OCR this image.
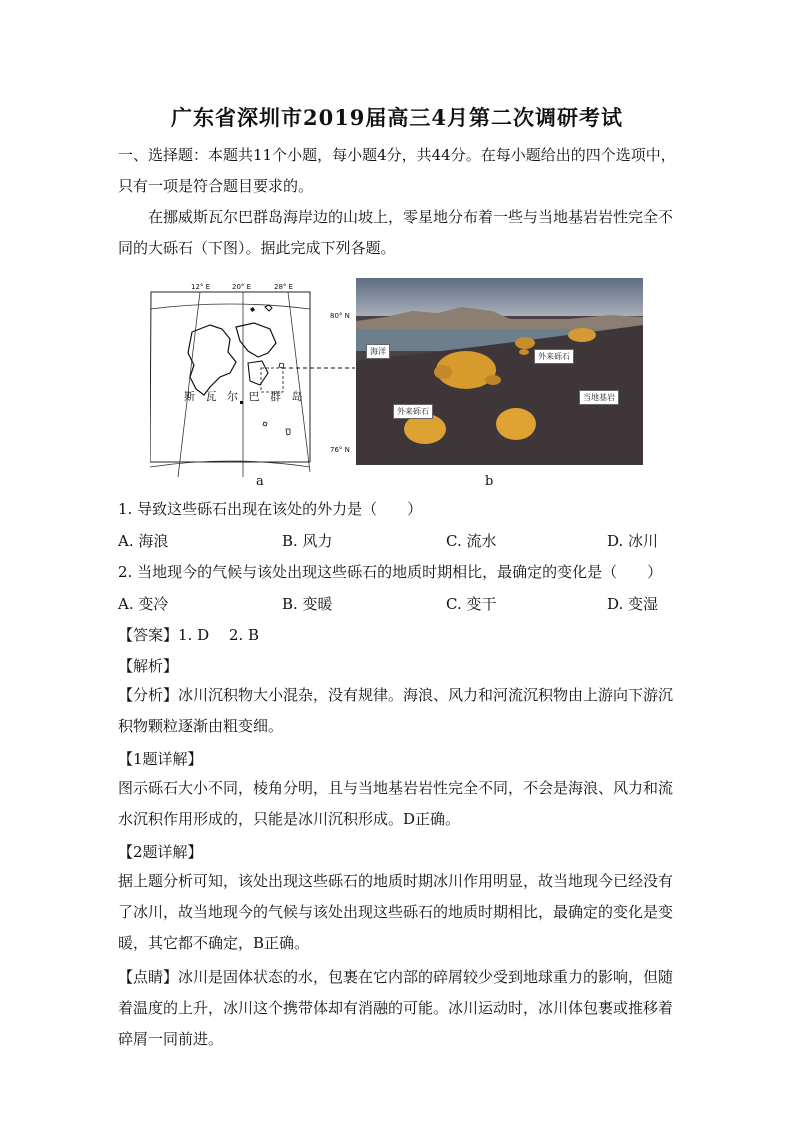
广东省深圳市2019届高三4月第二次调研考试
一、选择题：本题共11个小题，每小题4分，共44分。在每小题给出的四个选项中，只有一项是符合题目要求的。
在挪威斯瓦尔巴群岛海岸边的山坡上，零星地分布着一些与当地基岩岩性完全不同的大砾石（下图）。据此完成下列各题。
12° E	20° E	28° E
80° N
76° N
斯 瓦 尔 巴 群 岛
海洋
外来砾石
外来砾石
当地基岩
a	b
1. 导致这些砾石出现在该处的外力是（　　）
A. 海浪	B. 风力	C. 流水	D. 冰川
2. 当地现今的气候与该处出现这些砾石的地质时期相比，最确定的变化是（　　）
A. 变冷	B. 变暖	C. 变干	D. 变湿
【答案】1. D　 2. B
【解析】
【分析】冰川沉积物大小混杂，没有规律。海浪、风力和河流沉积物由上游向下游沉积物颗粒逐渐由粗变细。
【1题详解】
图示砾石大小不同，棱角分明，且与当地基岩岩性完全不同，不会是海浪、风力和流水沉积作用形成的，只能是冰川沉积形成。D正确。
【2题详解】
据上题分析可知，该处出现这些砾石的地质时期冰川作用明显，故当地现今已经没有了冰川，故当地现今的气候与该处出现这些砾石的地质时期相比，最确定的变化是变暖，其它都不确定，B正确。
【点睛】冰川是固体状态的水，包裹在它内部的碎屑较少受到地球重力的影响，但随着温度的上升，冰川这个携带体却有消融的可能。冰川运动时，冰川体包裹或推移着碎屑一同前进。
